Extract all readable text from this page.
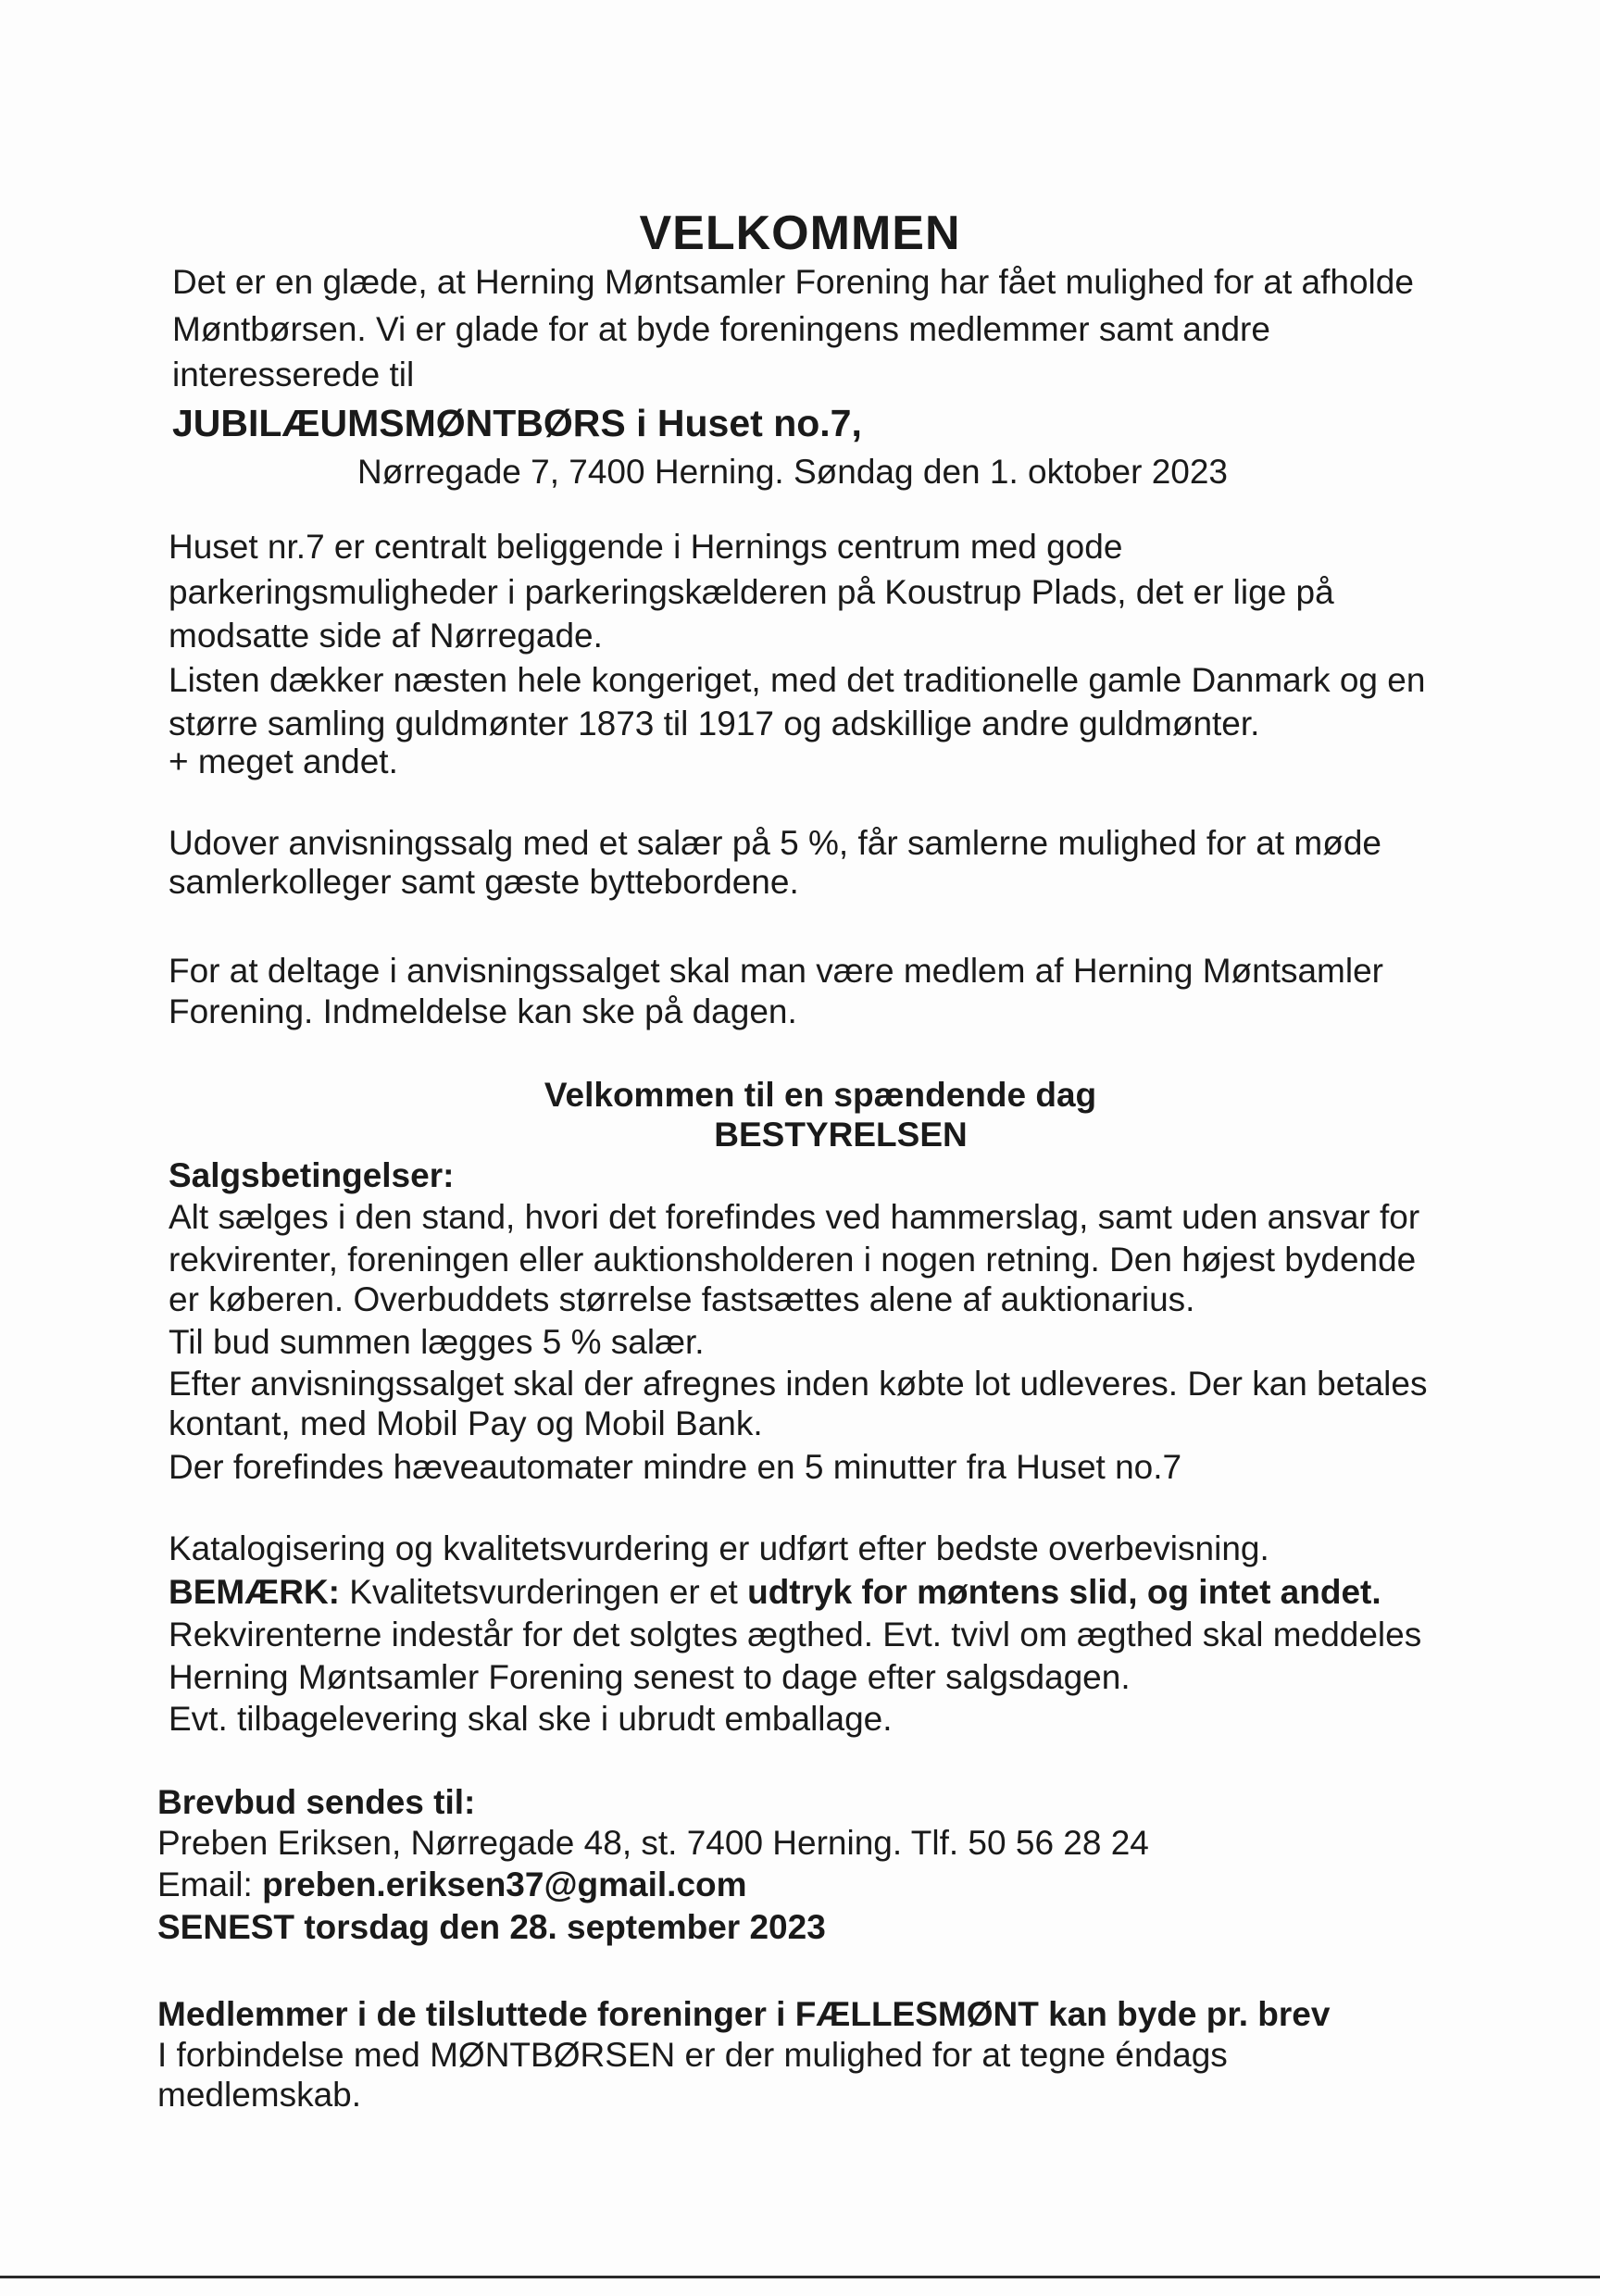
VELKOMMEN
Det er en glæde, at Herning Møntsamler Forening har fået mulighed for at afholde
Møntbørsen. Vi er glade for at byde foreningens medlemmer samt andre
interesserede til
JUBILÆUMSMØNTBØRS i Huset no.7,
Nørregade 7, 7400 Herning. Søndag den 1. oktober 2023
Huset nr.7 er centralt beliggende i Hernings centrum med gode
parkeringsmuligheder i parkeringskælderen på Koustrup Plads, det er lige på
modsatte side af Nørregade.
Listen dækker næsten hele kongeriget, med det traditionelle gamle Danmark og en
større samling guldmønter 1873 til 1917 og adskillige andre guldmønter.
+ meget andet.
Udover anvisningssalg med et salær på 5 %, får samlerne mulighed for at møde
samlerkolleger samt gæste byttebordene.
For at deltage i anvisningssalget skal man være medlem af Herning Møntsamler
Forening. Indmeldelse kan ske på dagen.
Velkommen til en spændende dag
BESTYRELSEN
Salgsbetingelser:
Alt sælges i den stand, hvori det forefindes ved hammerslag, samt uden ansvar for
rekvirenter, foreningen eller auktionsholderen i nogen retning. Den højest bydende
er køberen. Overbuddets størrelse fastsættes alene af auktionarius.
Til bud summen lægges 5 % salær.
Efter anvisningssalget skal der afregnes inden købte lot udleveres. Der kan betales
kontant, med Mobil Pay og Mobil Bank.
Der forefindes hæveautomater mindre en 5 minutter fra Huset no.7
Katalogisering og kvalitetsvurdering er udført efter bedste overbevisning.
BEMÆRK: Kvalitetsvurderingen er et udtryk for møntens slid, og intet andet.
Rekvirenterne indestår for det solgtes ægthed. Evt. tvivl om ægthed skal meddeles
Herning Møntsamler Forening senest to dage efter salgsdagen.
Evt. tilbagelevering skal ske i ubrudt emballage.
Brevbud sendes til:
Preben Eriksen, Nørregade 48, st. 7400 Herning. Tlf. 50 56 28 24
Email: preben.eriksen37@gmail.com
SENEST torsdag den 28. september 2023
Medlemmer i de tilsluttede foreninger i FÆLLESMØNT kan byde pr. brev
I forbindelse med MØNTBØRSEN er der mulighed for at tegne éndags
medlemskab.
